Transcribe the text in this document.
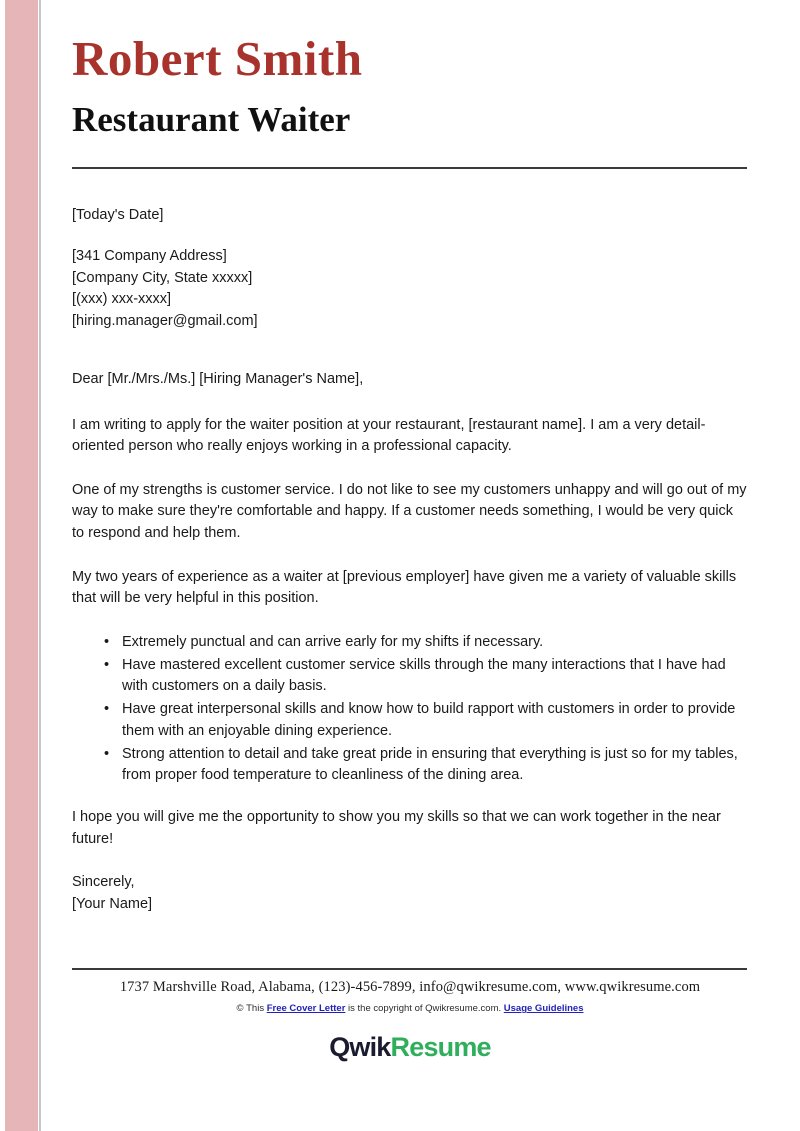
Robert Smith
Restaurant Waiter
[Today's Date]
[341 Company Address]
[Company City, State xxxxx]
[(xxx) xxx-xxxx]
[hiring.manager@gmail.com]
Dear [Mr./Mrs./Ms.] [Hiring Manager's Name],

I am writing to apply for the waiter position at your restaurant, [restaurant name]. I am a very detail-oriented person who really enjoys working in a professional capacity.

One of my strengths is customer service. I do not like to see my customers unhappy and will go out of my way to make sure they're comfortable and happy. If a customer needs something, I would be very quick to respond and help them.

My two years of experience as a waiter at [previous employer] have given me a variety of valuable skills that will be very helpful in this position.

• Extremely punctual and can arrive early for my shifts if necessary.
• Have mastered excellent customer service skills through the many interactions that I have had with customers on a daily basis.
• Have great interpersonal skills and know how to build rapport with customers in order to provide them with an enjoyable dining experience.
• Strong attention to detail and take great pride in ensuring that everything is just so for my tables, from proper food temperature to cleanliness of the dining area.

I hope you will give me the opportunity to show you my skills so that we can work together in the near future!

Sincerely,
[Your Name]
1737 Marshville Road, Alabama, (123)-456-7899, info@qwikresume.com, www.qwikresume.com
© This Free Cover Letter is the copyright of Qwikresume.com. Usage Guidelines
QwikResume
